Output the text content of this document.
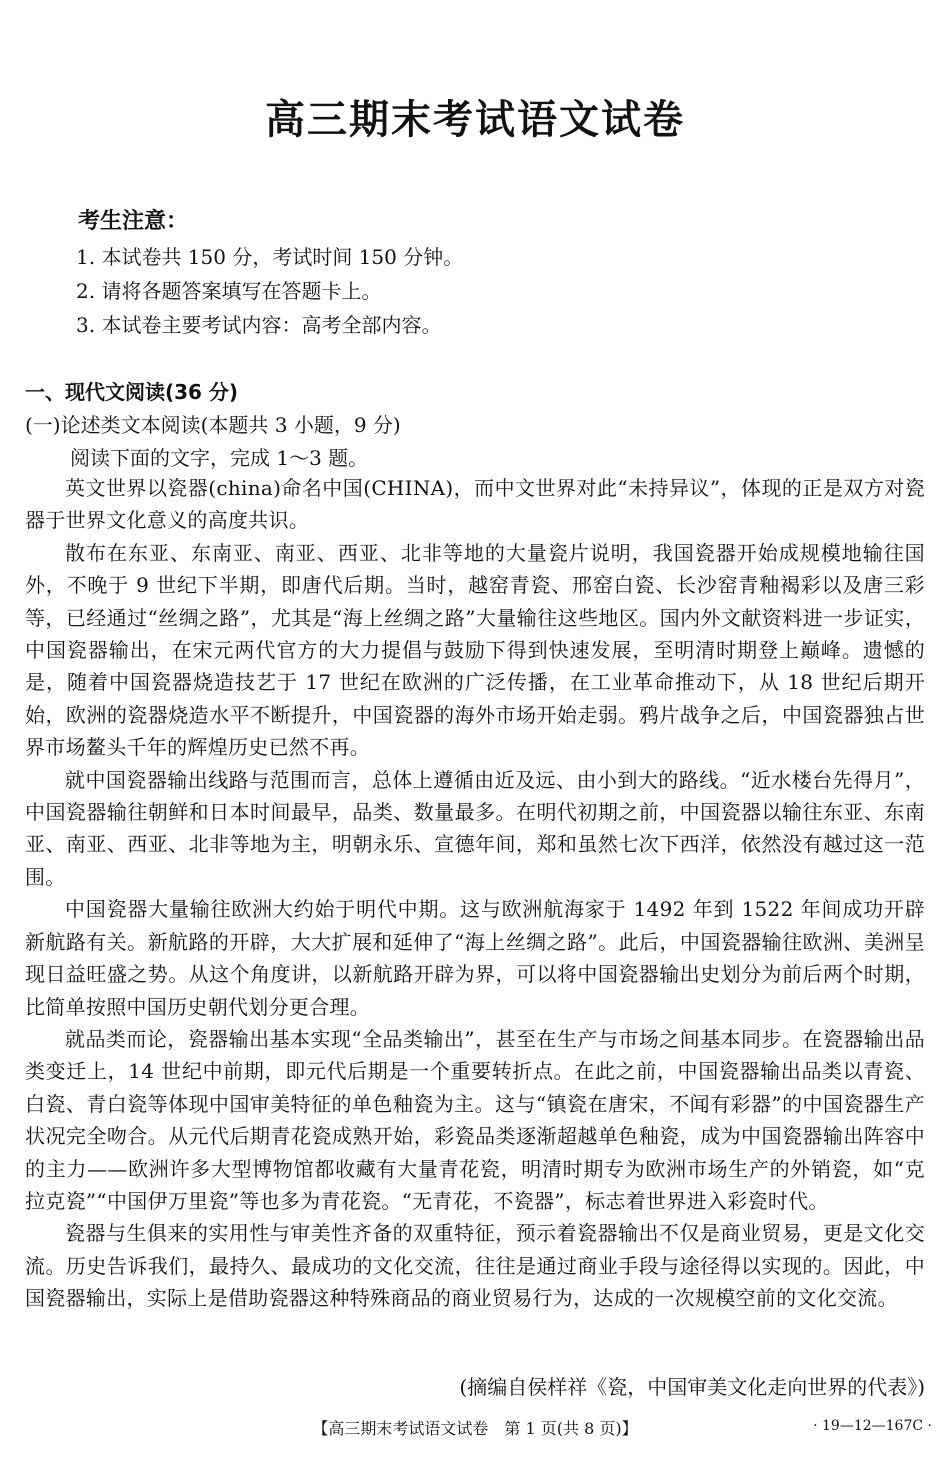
高三期末考试语文试卷
考生注意：
1. 本试卷共 150 分，考试时间 150 分钟。
2. 请将各题答案填写在答题卡上。
3. 本试卷主要考试内容：高考全部内容。
一、现代文阅读(36 分)
(一)论述类文本阅读(本题共 3 小题，9 分)
阅读下面的文字，完成 1～3 题。

英文世界以瓷器(china)命名中国(CHINA)，而中文世界对此“未持异议”，体现的正是双方对瓷器于世界文化意义的高度共识。

散布在东亚、东南亚、南亚、西亚、北非等地的大量瓷片说明，我国瓷器开始成规模地输往国外，不晚于 9 世纪下半期，即唐代后期。当时，越窑青瓷、邢窑白瓷、长沙窑青釉褐彩以及唐三彩等，已经通过“丝绸之路”，尤其是“海上丝绸之路”大量输往这些地区。国内外文献资料进一步证实，中国瓷器输出，在宋元两代官方的大力提倡与鼓励下得到快速发展，至明清时期登上巅峰。遗憾的是，随着中国瓷器烧造技艺于 17 世纪在欧洲的广泛传播，在工业革命推动下，从 18 世纪后期开始，欧洲的瓷器烧造水平不断提升，中国瓷器的海外市场开始走弱。鸦片战争之后，中国瓷器独占世界市场鳌头千年的辉煌历史已然不再。

就中国瓷器输出线路与范围而言，总体上遵循由近及远、由小到大的路线。“近水楼台先得月”，中国瓷器输往朝鲜和日本时间最早，品类、数量最多。在明代初期之前，中国瓷器以输往东亚、东南亚、南亚、西亚、北非等地为主，明朝永乐、宣德年间，郑和虽然七次下西洋，依然没有越过这一范围。

中国瓷器大量输往欧洲大约始于明代中期。这与欧洲航海家于 1492 年到 1522 年间成功开辟新航路有关。新航路的开辟，大大扩展和延伸了“海上丝绸之路”。此后，中国瓷器输往欧洲、美洲呈现日益旺盛之势。从这个角度讲，以新航路开辟为界，可以将中国瓷器输出史划分为前后两个时期，比简单按照中国历史朝代划分更合理。

就品类而论，瓷器输出基本实现“全品类输出”，甚至在生产与市场之间基本同步。在瓷器输出品类变迁上，14 世纪中前期，即元代后期是一个重要转折点。在此之前，中国瓷器输出品类以青瓷、白瓷、青白瓷等体现中国审美特征的单色釉瓷为主。这与“镇瓷在唐宋，不闻有彩器”的中国瓷器生产状况完全吻合。从元代后期青花瓷成熟开始，彩瓷品类逐渐超越单色釉瓷，成为中国瓷器输出阵容中的主力——欧洲许多大型博物馆都收藏有大量青花瓷，明清时期专为欧洲市场生产的外销瓷，如“克拉克瓷”“中国伊万里瓷”等也多为青花瓷。“无青花，不瓷器”，标志着世界进入彩瓷时代。

瓷器与生俱来的实用性与审美性齐备的双重特征，预示着瓷器输出不仅是商业贸易，更是文化交流。历史告诉我们，最持久、最成功的文化交流，往往是通过商业手段与途径得以实现的。因此，中国瓷器输出，实际上是借助瓷器这种特殊商品的商业贸易行为，达成的一次规模空前的文化交流。

(摘编自侯样祥《瓷，中国审美文化走向世界的代表》)
【高三期末考试语文试卷　第 1 页(共 8 页)】	· 19—12—167C ·
